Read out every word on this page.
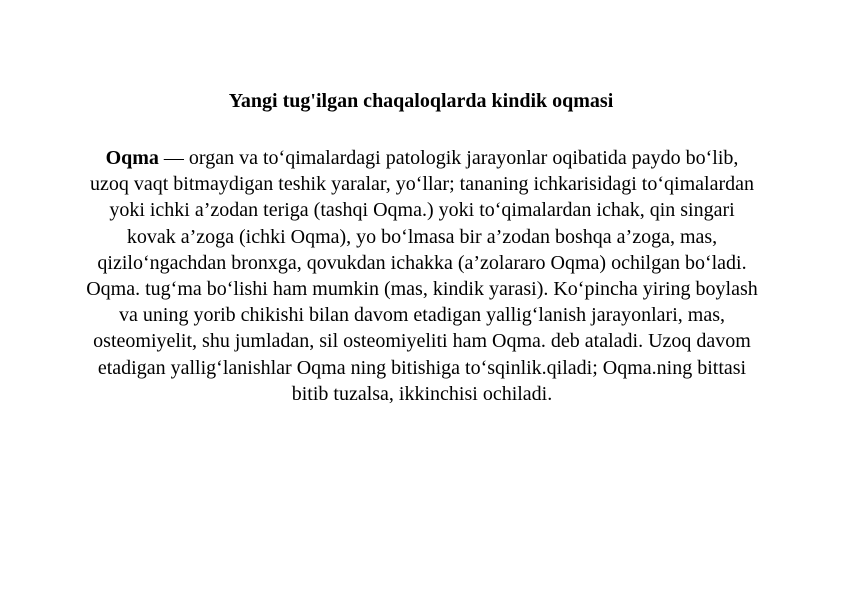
Yangi tug'ilgan chaqaloqlarda kindik oqmasi

Oqma — organ va to‘qimalardagi patologik jarayonlar oqibatida paydo bo‘lib, uzoq vaqt bitmaydigan teshik yaralar, yo‘llar; tananing ichkarisidagi to‘qimalardan yoki ichki a’zodan teriga (tashqi Oqma.) yoki to‘qimalardan ichak, qin singari kovak a’zoga (ichki Oqma), yo bo‘lmasa bir a’zodan boshqa a’zoga, mas, qizilo‘ngachdan bronxga, qovukdan ichakka (a’zolararo Oqma) ochilgan bo‘ladi. Oqma. tug‘ma bo‘lishi ham mumkin (mas, kindik yarasi). Ko‘pincha yiring boylash va uning yorib chikishi bilan davom etadigan yallig‘lanish jarayonlari, mas, osteomiyelit, shu jumladan, sil osteomiyeliti ham Oqma. deb ataladi. Uzoq davom etadigan yallig‘lanishlar Oqma ning bitishiga to‘sqinlik.qiladi; Oqma.ning bittasi bitib tuzalsa, ikkinchisi ochiladi.
